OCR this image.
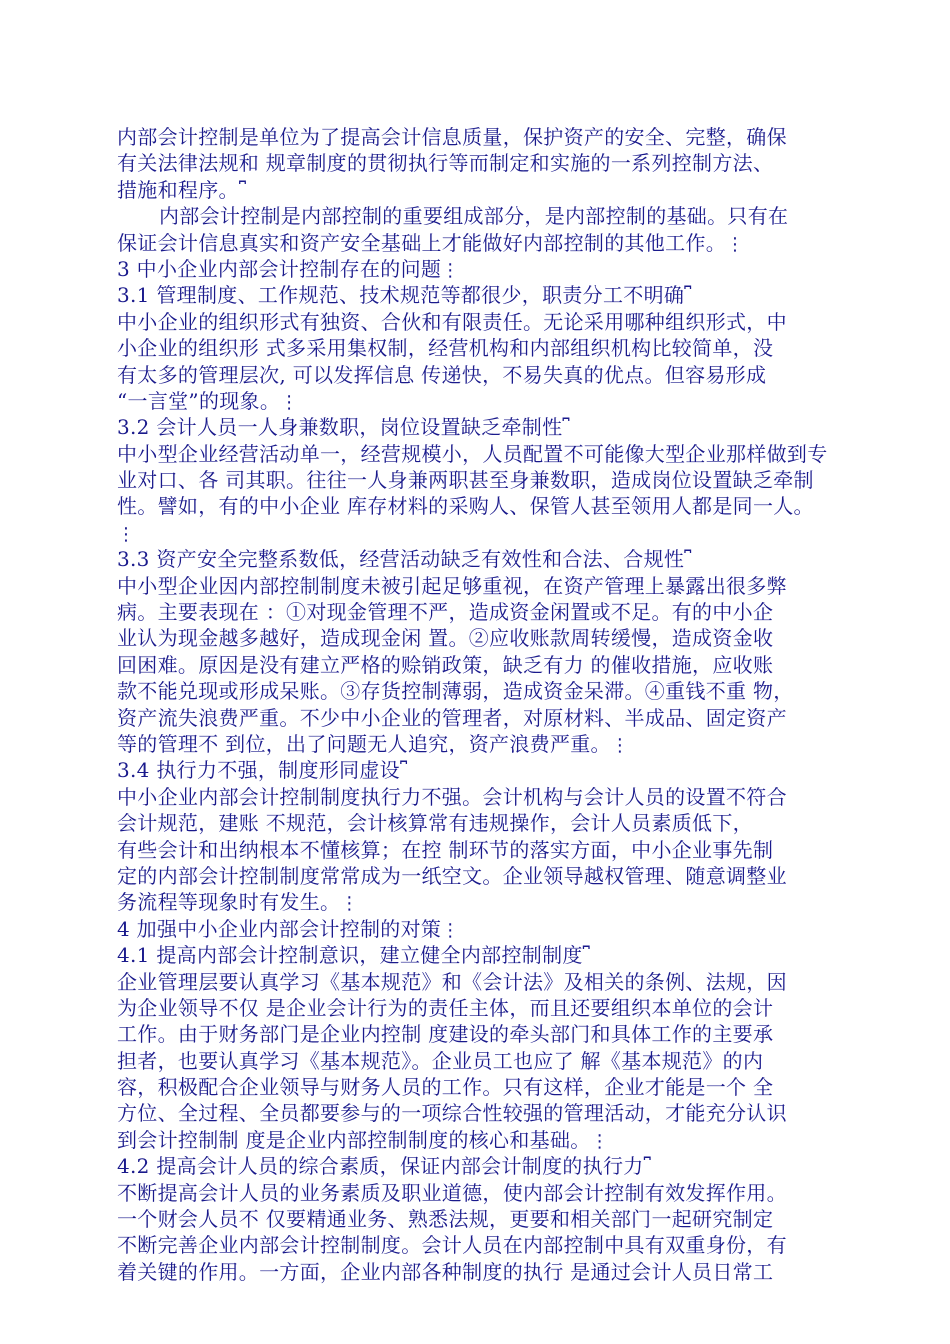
内部会计控制是单位为了提高会计信息质量，保护资产的安全、完整，确保
有关法律法规和 规章制度的贯彻执行等而制定和实施的一系列控制方法、
措施和程序。⎴
内部会计控制是内部控制的重要组成部分，是内部控制的基础。只有在
保证会计信息真实和资产安全基础上才能做好内部控制的其他工作。⋮
3 中小企业内部会计控制存在的问题⋮
3.1 管理制度、工作规范、技术规范等都很少，职责分工不明确⎴
中小企业的组织形式有独资、合伙和有限责任。无论采用哪种组织形式，中
小企业的组织形 式多采用集权制，经营机构和内部组织机构比较简单，没
有太多的管理层次, 可以发挥信息 传递快，不易失真的优点。但容易形成
“一言堂”的现象。⋮
3.2 会计人员一人身兼数职，岗位设置缺乏牵制性⎴
中小型企业经营活动单一，经营规模小，人员配置不可能像大型企业那样做到专
业对口、各 司其职。往往一人身兼两职甚至身兼数职，造成岗位设置缺乏牵制
性。譬如，有的中小企业 库存材料的采购人、保管人甚至领用人都是同一人。
⋮
3.3 资产安全完整系数低，经营活动缺乏有效性和合法、合规性⎴
中小型企业因内部控制制度未被引起足够重视，在资产管理上暴露出很多弊
病。主要表现在 ：①对现金管理不严，造成资金闲置或不足。有的中小企
业认为现金越多越好，造成现金闲 置。②应收账款周转缓慢，造成资金收
回困难。原因是没有建立严格的赊销政策，缺乏有力 的催收措施，应收账
款不能兑现或形成呆账。③存货控制薄弱，造成资金呆滞。④重钱不重 物，
资产流失浪费严重。不少中小企业的管理者，对原材料、半成品、固定资产
等的管理不 到位，出了问题无人追究，资产浪费严重。⋮
3.4 执行力不强，制度形同虚设⎴
中小企业内部会计控制制度执行力不强。会计机构与会计人员的设置不符合
会计规范，建账 不规范，会计核算常有违规操作，会计人员素质低下，
有些会计和出纳根本不懂核算；在控 制环节的落实方面，中小企业事先制
定的内部会计控制制度常常成为一纸空文。企业领导越权管理、随意调整业
务流程等现象时有发生。⋮
4 加强中小企业内部会计控制的对策⋮
4.1 提高内部会计控制意识，建立健全内部控制制度⎴
企业管理层要认真学习《基本规范》和《会计法》及相关的条例、法规，因
为企业领导不仅 是企业会计行为的责任主体，而且还要组织本单位的会计
工作。由于财务部门是企业内控制 度建设的牵头部门和具体工作的主要承
担者，也要认真学习《基本规范》。企业员工也应了 解《基本规范》的内
容，积极配合企业领导与财务人员的工作。只有这样，企业才能是一个 全
方位、全过程、全员都要参与的一项综合性较强的管理活动，才能充分认识
到会计控制制 度是企业内部控制制度的核心和基础。⋮
4.2 提高会计人员的综合素质，保证内部会计制度的执行力⎴
不断提高会计人员的业务素质及职业道德，使内部会计控制有效发挥作用。
一个财会人员不 仅要精通业务、熟悉法规，更要和相关部门一起研究制定
不断完善企业内部会计控制制度。会计人员在内部控制中具有双重身份，有
着关键的作用。一方面，企业内部各种制度的执行 是通过会计人员日常工
